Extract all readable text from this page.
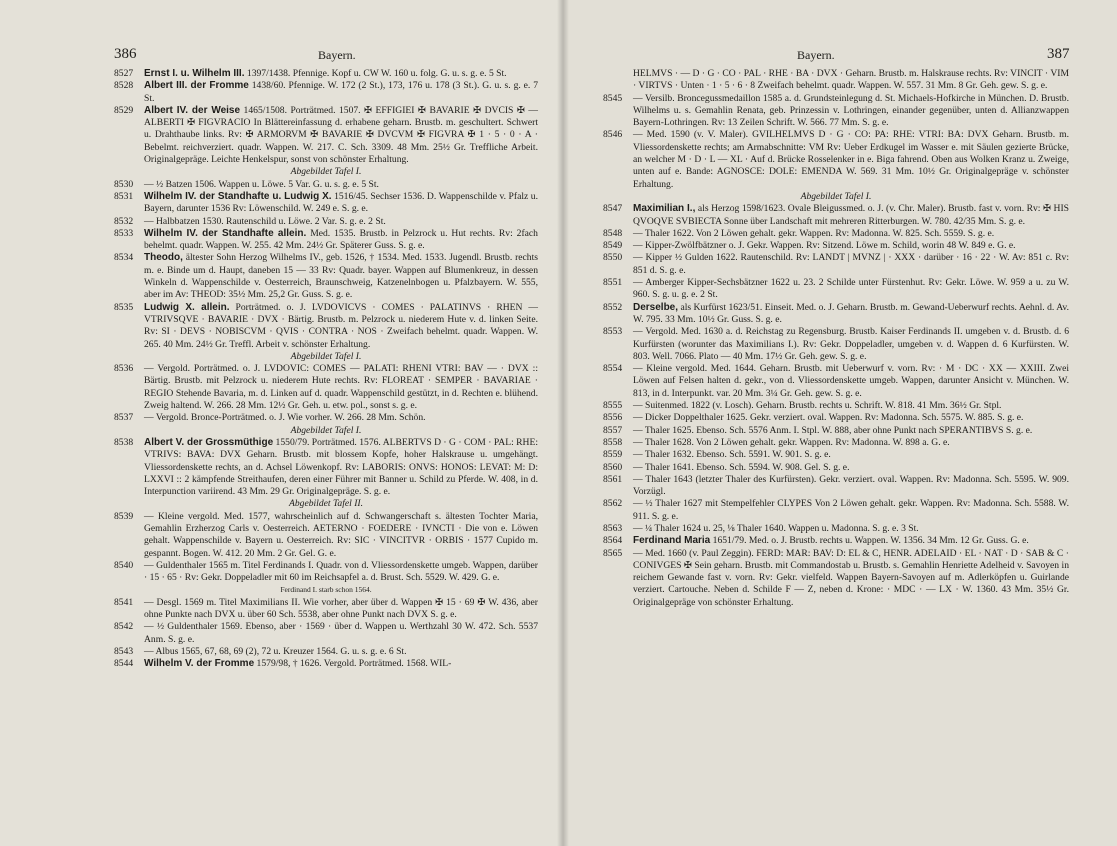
386	Bayern.

8527 Ernst I. u. Wilhelm III. 1397/1438. Pfennige. Kopf u. CW W. 160 u. folg. G. u. s. g. e. 5 St.

8528 Albert III. der Fromme 1438/60. Pfennige. W. 172 (2 St.), 173, 176 u. 178 (3 St.). G. u. s. g. e. 7 St.

8529 Albert IV. der Weise 1465/1508. Porträtmed. 1507. ✠ EFFIGIEI ✠ BAVARIE ✠ DVCIS ✠ — ALBERTI ✠ FIGVRACIO In Blättereinfassung d. erhabene geharn. Brustb. m. geschultert. Schwert u. Drahthaube links. Rv: ✠ ARMORVM ✠ BAVARIE ✠ DVCVM ✠ FIGVRA ✠ 1 · 5 · 0 · A · Bebelmt. reichverziert. quadr. Wappen. W. 217. C. Sch. 3309. 48 Mm. 25½ Gr. Treffliche Arbeit. Originalgepräge. Leichte Henkelspur, sonst von schönster Erhaltung.

Abgebildet Tafel I.

8530 — ½ Batzen 1506. Wappen u. Löwe. 5 Var. G. u. s. g. e. 5 St.

8531 Wilhelm IV. der Standhafte u. Ludwig X. 1516/45. Sechser 1536. D. Wappenschilde v. Pfalz u. Bayern, darunter 1536 Rv: Löwenschild. W. 249 e. S. g. e.

8532 — Halbbatzen 1530. Rautenschild u. Löwe. 2 Var. S. g. e. 2 St.

8533 Wilhelm IV. der Standhafte allein. Med. 1535. Brustb. in Pelzrock u. Hut rechts. Rv: 2fach behelmt. quadr. Wappen. W. 255. 42 Mm. 24½ Gr. Späterer Guss. S. g. e.

8534 Theodo, ältester Sohn Herzog Wilhelms IV., geb. 1526, † 1534. Med. 1533. Jugendl. Brustb. rechts m. e. Binde um d. Haupt, daneben 15 — 33 Rv: Quadr. bayer. Wappen auf Blumenkreuz, in dessen Winkeln d. Wappenschilde v. Oesterreich, Braunschweig, Katzenelnbogen u. Pfalzbayern. W. 555, aber im Av: THEOD: 35½ Mm. 25,2 Gr. Guss. S. g. e.

8535 Ludwig X. allein. Porträtmed. o. J. LVDOVICVS · COMES · PALATINVS · RHEN — VTRIVSQVE · BAVARIE · DVX · Bärtig. Brustb. m. Pelzrock u. niederem Hute v. d. linken Seite. Rv: SI · DEVS · NOBISCVM · QVIS · CONTRA · NOS · Zweifach behelmt. quadr. Wappen. W. 265. 40 Mm. 24½ Gr. Treffl. Arbeit v. schönster Erhaltung.

Abgebildet Tafel I.

8536 — Vergold. Porträtmed. o. J. LVDOVIC: COMES — PALATI: RHENI VTRI: BAV — · DVX :: Bärtig. Brustb. mit Pelzrock u. niederem Hute rechts. Rv: FLOREAT · SEMPER · BAVARIAE · REGIO Stehende Bavaria, m. d. Linken auf d. quadr. Wappenschild gestützt, in d. Rechten e. blühend. Zweig haltend. W. 266. 28 Mm. 12½ Gr. Geh. u. etw. pol., sonst s. g. e.

8537 — Vergold. Bronce-Porträtmed. o. J. Wie vorher. W. 266. 28 Mm. Schön.

Abgebildet Tafel I.

8538 Albert V. der Grossmüthige 1550/79. Porträtmed. 1576. ALBERTVS D · G · COM · PAL: RHE: VTRIVS: BAVA: DVX Geharn. Brustb. mit blossem Kopfe, hoher Halskrause u. umgehängt. Vliessordenskette rechts, an d. Achsel Löwenkopf. Rv: LABORIS: ONVS: HONOS: LEVAT: M: D: LXXVI :: 2 kämpfende Streithaufen, deren einer Führer mit Banner u. Schild zu Pferde. W. 408, in d. Interpunction variirend. 43 Mm. 29 Gr. Originalgepräge. S. g. e.

Abgebildet Tafel II.

8539 — Kleine vergold. Med. 1577, wahrscheinlich auf d. Schwangerschaft s. ältesten Tochter Maria, Gemahlin Erzherzog Carls v. Oesterreich. AETERNO · FOEDERE · IVNCTI · Die von e. Löwen gehalt. Wappenschilde v. Bayern u. Oesterreich. Rv: SIC · VINCITVR · ORBIS · 1577 Cupido m. gespannt. Bogen. W. 412. 20 Mm. 2 Gr. Gel. G. e.

8540 — Guldenthaler 1565 m. Titel Ferdinands I. Quadr. von d. Vliessordenskette umgeb. Wappen, darüber · 15 · 65 · Rv: Gekr. Doppeladler mit 60 im Reichsapfel a. d. Brust. Sch. 5529. W. 429. G. e.

Ferdinand I. starb schon 1564.

8541 — Desgl. 1569 m. Titel Maximilians II. Wie vorher, aber über d. Wappen ✠ 15 · 69 ✠ W. 436, aber ohne Punkte nach DVX u. über 60 Sch. 5538, aber ohne Punkt nach DVX S. g. e.

8542 — ½ Guldenthaler 1569. Ebenso, aber · 1569 · über d. Wappen u. Werthzahl 30 W. 472. Sch. 5537 Anm. S. g. e.

8543 — Albus 1565, 67, 68, 69 (2), 72 u. Kreuzer 1564. G. u. s. g. e. 6 St.

8544 Wilhelm V. der Fromme 1579/98, † 1626. Vergold. Porträtmed. 1568. WIL-

Bayern.	387

HELMVS · — D · G · CO · PAL · RHE · BA · DVX · Geharn. Brustb. m. Halskrause rechts. Rv: VINCIT · VIM · VIRTVS · Unten · 1 · 5 · 6 · 8 Zweifach behelmt. quadr. Wappen. W. 557. 31 Mm. 8 Gr. Geh. gew. S. g. e.

8545 — Versilb. Broncegussmedaillon 1585 a. d. Grundsteinlegung d. St. Michaels-Hofkirche in München. D. Brustb. Wilhelms u. s. Gemahlin Renata, geb. Prinzessin v. Lothringen, einander gegenüber, unten d. Allianzwappen Bayern-Lothringen. Rv: 13 Zeilen Schrift. W. 566. 77 Mm. S. g. e.

8546 — Med. 1590 (v. V. Maler). GVILHELMVS D · G · CO: PA: RHE: VTRI: BA: DVX Geharn. Brustb. m. Vliessordenskette rechts; am Armabschnitte: VM Rv: Ueber Erdkugel im Wasser e. mit Säulen gezierte Brücke, an welcher M · D · L — XL · Auf d. Brücke Rosselenker in e. Biga fahrend. Oben aus Wolken Kranz u. Zweige, unten auf e. Bande: AGNOSCE: DOLE: EMENDA W. 569. 31 Mm. 10½ Gr. Originalgepräge v. schönster Erhaltung.

Abgebildet Tafel I.

8547 Maximilian I., als Herzog 1598/1623. Ovale Bleigussmed. o. J. (v. Chr. Maler). Brustb. fast v. vorn. Rv: ✠ HIS QVOQVE SVBIECTA Sonne über Landschaft mit mehreren Ritterburgen. W. 780. 42/35 Mm. S. g. e.

8548 — Thaler 1622. Von 2 Löwen gehalt. gekr. Wappen. Rv: Madonna. W. 825. Sch. 5559. S. g. e.

8549 — Kipper-Zwölfbätzner o. J. Gekr. Wappen. Rv: Sitzend. Löwe m. Schild, worin 48 W. 849 e. G. e.

8550 — Kipper ½ Gulden 1622. Rautenschild. Rv: LANDT | MVNZ | · XXX · darüber · 16 · 22 · W. Av: 851 c. Rv: 851 d. S. g. e.

8551 — Amberger Kipper-Sechsbätzner 1622 u. 23. 2 Schilde unter Fürstenhut. Rv: Gekr. Löwe. W. 959 a u. zu W. 960. S. g. u. g. e. 2 St.

8552 Derselbe, als Kurfürst 1623/51. Einseit. Med. o. J. Geharn. Brustb. m. Gewand-Ueberwurf rechts. Aehnl. d. Av. W. 795. 33 Mm. 10½ Gr. Guss. S. g. e.

8553 — Vergold. Med. 1630 a. d. Reichstag zu Regensburg. Brustb. Kaiser Ferdinands II. umgeben v. d. Brustb. d. 6 Kurfürsten (worunter das Maximilians I.). Rv: Gekr. Doppeladler, umgeben v. d. Wappen d. 6 Kurfürsten. W. 803. Well. 7066. Plato — 40 Mm. 17½ Gr. Geh. gew. S. g. e.

8554 — Kleine vergold. Med. 1644. Geharn. Brustb. mit Ueberwurf v. vorn. Rv: · M · DC · XX — XXIII. Zwei Löwen auf Felsen halten d. gekr., von d. Vliessordenskette umgeb. Wappen, darunter Ansicht v. München. W. 813, in d. Interpunkt. var. 20 Mm. 3¼ Gr. Geh. gew. S. g. e.

8555 — Suitenmed. 1822 (v. Losch). Geharn. Brustb. rechts u. Schrift. W. 818. 41 Mm. 36½ Gr. Stpl.

8556 — Dicker Doppelthaler 1625. Gekr. verziert. oval. Wappen. Rv: Madonna. Sch. 5575. W. 885. S. g. e.

8557 — Thaler 1625. Ebenso. Sch. 5576 Anm. I. Stpl. W. 888, aber ohne Punkt nach SPERANTIBVS S. g. e.

8558 — Thaler 1628. Von 2 Löwen gehalt. gekr. Wappen. Rv: Madonna. W. 898 a. G. e.

8559 — Thaler 1632. Ebenso. Sch. 5591. W. 901. S. g. e.

8560 — Thaler 1641. Ebenso. Sch. 5594. W. 908. Gel. S. g. e.

8561 — Thaler 1643 (letzter Thaler des Kurfürsten). Gekr. verziert. oval. Wappen. Rv: Madonna. Sch. 5595. W. 909. Vorzügl.

8562 — ½ Thaler 1627 mit Stempelfehler CLYPES Von 2 Löwen gehalt. gekr. Wappen. Rv: Madonna. Sch. 5588. W. 911. S. g. e.

8563 — ¼ Thaler 1624 u. 25, ⅛ Thaler 1640. Wappen u. Madonna. S. g. e. 3 St.

8564 Ferdinand Maria 1651/79. Med. o. J. Brustb. rechts u. Wappen. W. 1356. 34 Mm. 12 Gr. Guss. G. e.

8565 — Med. 1660 (v. Paul Zeggin). FERD: MAR: BAV: D: EL & C, HENR. ADELAID · EL · NAT · D · SAB & C · CONIVGES ✠ Sein geharn. Brustb. mit Commandostab u. Brustb. s. Gemahlin Henriette Adelheid v. Savoyen in reichem Gewande fast v. vorn. Rv: Gekr. vielfeld. Wappen Bayern-Savoyen auf m. Adlerköpfen u. Guirlande verziert. Cartouche. Neben d. Schilde F — Z, neben d. Krone: · MDC · — LX · W. 1360. 43 Mm. 35½ Gr. Originalgepräge von schönster Erhaltung.
